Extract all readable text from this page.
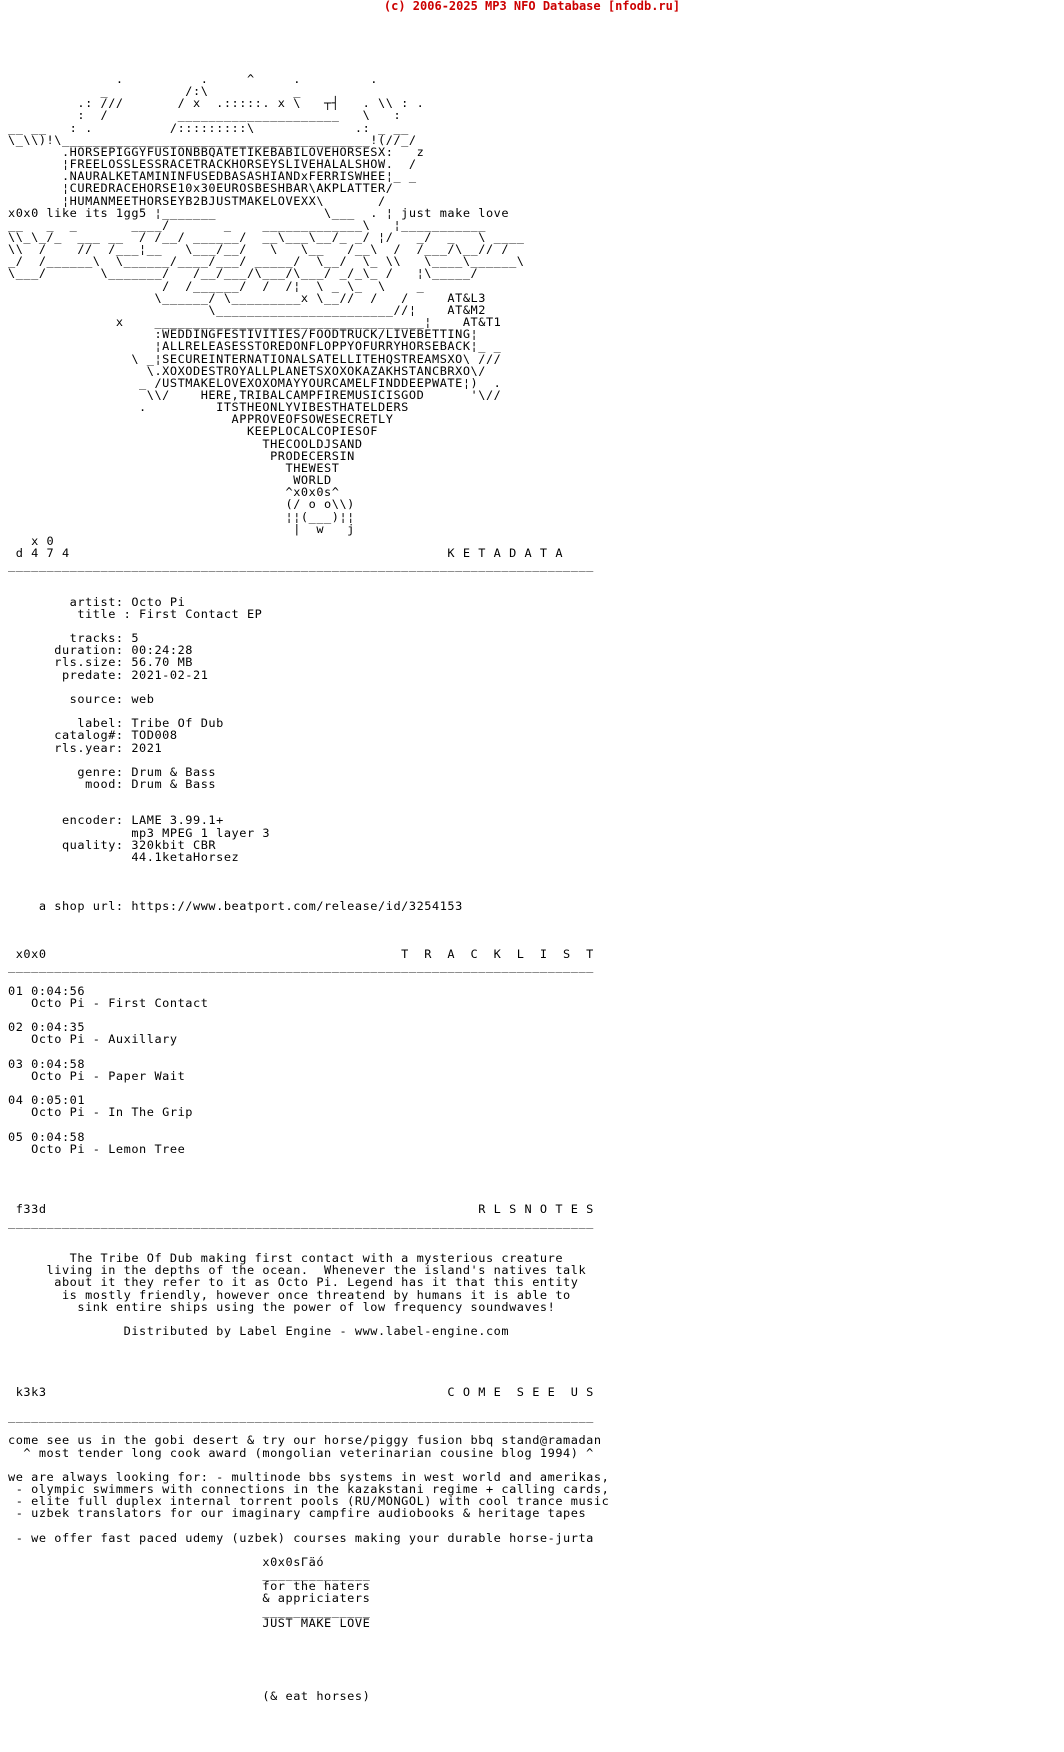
(c) 2006-2025 MP3 NFO Database [nfodb.ru]

.          .     ^     .         .
_          /:\           _
.: ///       / x  .:::::. x \   ┬┤   . \\ : .
:  /         _____________________   \   :
__ __   : .          /:::::::::\             .: _ __
\_\\)!\________________________________________!(//_/
.HORSEPIGGYFUSIONBBQATETIKEBABILOVEHORSESX:   z
¦FREELOSSLESSRACETRACKHORSEYSLIVEHALALSHOW.  /
.NAURALKETAMININFUSEDBASASHIANDxFERRISWHEE¦_ _
¦CUREDRACEHORSE10x30EUROSBESHBAR\AKPLATTER/
¦HUMANMEETHORSEYB2BJUSTMAKELOVEXX\       /
x0x0 like its 1gg5 ¦_______              \___  . ¦ just make love
__   _  _       ____/       _    _____________\   ¦___________
\\_\_/_  ___ __  / /__/ ______/  __\___\__/_ _/ ¦/   _/  _   \ ____
\\  /    //  /___¦__   \___/__/   \   \__   /__\  /  /___/\__// /
_/  /______\  \______/____/___/ _____/  \__/  \_ \\   \____\______\
\___/       \_______/   /__/___/\___/\___/ _/_\_ /   ¦\_____/
/  /______/  /  /¦  \ _ \_  \    _
\______/ \_________x \__//  /   /     AT&L3
\_______________________//¦    AT&M2
x    ___________________________________¦    AT&T1
:WEDDINGFESTIVITIES/FOODTRUCK/LIVEBETTING¦
¦ALLRELEASESSTOREDONFLOPPYOFURRYHORSEBACK¦_ _
\ _¦SECUREINTERNATIONALSATELLITEHQSTREAMSXO\ ///
\.XOXODESTROYALLPLANETSXOXOKAZAKHSTANCBRXO\/
_ /USTMAKELOVEXOXOMAYYOURCAMELFINDDEEPWATE¦)  .
\\/    HERE,TRIBALCAMPFIREMUSICISGOD      '\//
.         ITSTHEONLYVIBESTHATELDERS
APPROVEOFSOWESECRETLY
KEEPLOCALCOPIESOF
THECOOLDJSAND
PRODECERSIN
THEWEST
WORLD
^x0x0s^
(/ o o\\)
¦¦(___)¦¦
|  w   j
x 0
d 4 7 4                                                 K E T A D A T A
____________________________________________________________________________

artist: Octo Pi
title : First Contact EP

tracks: 5
duration: 00:24:28
rls.size: 56.70 MB
predate: 2021-02-21

source: web

label: Tribe Of Dub
catalog#: TOD008
rls.year: 2021

genre: Drum & Bass
mood: Drum & Bass

encoder: LAME 3.99.1+
mp3 MPEG 1 layer 3
quality: 320kbit CBR
44.1ketaHorsez

a shop url: https://www.beatport.com/release/id/3254153

x0x0                                              T  R  A  C  K  L  I  S  T
____________________________________________________________________________

01 0:04:56
Octo Pi - First Contact

02 0:04:35
Octo Pi - Auxillary

03 0:04:58
Octo Pi - Paper Wait

04 0:05:01
Octo Pi - In The Grip

05 0:04:58
Octo Pi - Lemon Tree

f33d                                                        R L S N O T E S
____________________________________________________________________________

The Tribe Of Dub making first contact with a mysterious creature
living in the depths of the ocean.  Whenever the island's natives talk
about it they refer to it as Octo Pi. Legend has it that this entity
is mostly friendly, however once threatend by humans it is able to
sink entire ships using the power of low frequency soundwaves!

Distributed by Label Engine - www.label-engine.com

k3k3                                                    C O M E  S E E  U S

____________________________________________________________________________

come see us in the gobi desert & try our horse/piggy fusion bbq stand@ramadan
^ most tender long cook award (mongolian veterinarian cousine blog 1994) ^

we are always looking for: - multinode bbs systems in west world and amerikas,
- olympic swimmers with connections in the kazakstani regime + calling cards,
- elite full duplex internal torrent pools (RU/MONGOL) with cool trance music
- uzbek translators for our imaginary campfire audiobooks & heritage tapes

- we offer fast paced udemy (uzbek) courses making your durable horse-jurta

x0x0sΓäó
______________
for the haters
& appriciaters
______________
JUST MAKE LOVE

(& eat horses)
